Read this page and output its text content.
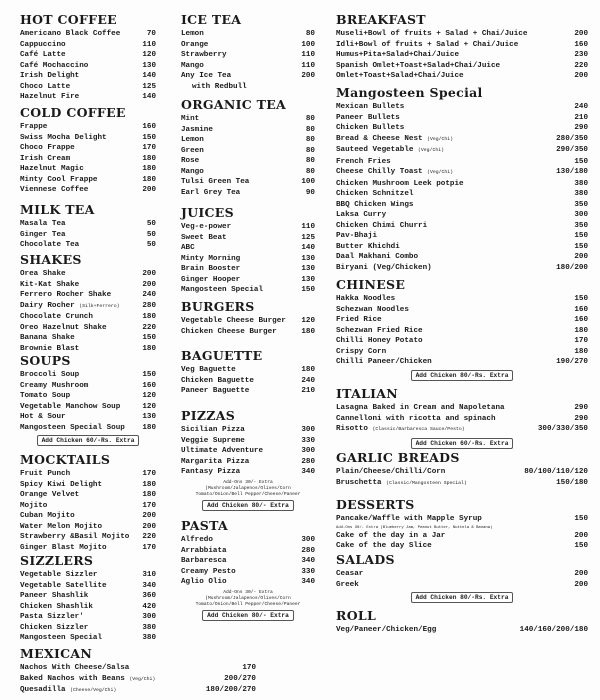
HOT COFFEE
Americano Black Coffee	70
Cappuccino	110
Café Latte	120
Café Mochaccino	130
Irish Delight	140
Choco Latte	125
Hazelnut Fire	140
COLD COFFEE
Frappe	160
Swiss Mocha Delight	150
Choco Frappe	170
Irish Cream	180
Hazelnut Magic	180
Minty Cool Frappe	180
Viennese Coffee	200
MILK TEA
Masala Tea	50
Ginger Tea	50
Chocolate Tea	50
SHAKES
Orea Shake	200
Kit-Kat Shake	200
Ferrero Rocher Shake	240
Dairy Rocher (Silk+Ferrero)	280
Chocolate Crunch	180
Oreo Hazelnut Shake	220
Banana Shake	150
Brownie Blast	180
SOUPS
Broccoli Soup	150
Creamy Mushroom	160
Tomato Soup	120
Vegetable Manchow Soup	120
Hot & Sour	130
Mangosteen Special Soup	180
Add Chicken 60/-Rs. Extra
MOCKTAILS
Fruit Punch	170
Spicy Kiwi Delight	180
Orange Velvet	180
Mojito	170
Cuban Mojito	200
Water Melon Mojito	200
Strawberry &Basil Mojito	220
Ginger Blast Mojito	170
SIZZLERS
Vegetable Sizzler	310
Vegetable Satellite	340
Paneer Shashlik	360
Chicken Shashlik	420
Pasta Sizzler'	300
Chicken Sizzler	380
Mangosteen Special	380
MEXICAN
Nachos With Cheese/Salsa	170
Baked Nachos with Beans (Veg/Chi)	200/270
Quesadilla (Cheese/Veg/Chi)	180/200/270
ICE TEA
Lemon	80
Orange	100
Strawberry	110
Mango	110
Any Ice Tea	200
with Redbull
ORGANIC TEA
Mint	80
Jasmine	80
Lemon	80
Green	80
Rose	80
Mango	80
Tulsi Green Tea	100
Earl Grey Tea	90
JUICES
Veg-e-power	110
Sweet Beat	125
ABC	140
Minty Morning	130
Brain Booster	130
Ginger Hooper	130
Mangosteen Special	150
BURGERS
Vegetable Cheese Burger	120
Chicken Cheese Burger	180
BAGUETTE
Veg Baguette	180
Chicken Baguette	240
Paneer Baguette	210
PIZZAS
Sicilian Pizza	300
Veggie Supreme	330
Ultimate Adventure	300
Margarita Pizza	280
Fantasy Pizza	340
Add-Ons 30/- Extra
(Mushroom/Jalapenos/Olives/Corn
Tomato/Onion/Bell Pepper/Cheese/Paneer
Add Chicken 80/- Extra
PASTA
Alfredo	300
Arrabbiata	280
Barbaresca	340
Creamy Pesto	330
Aglio Olio	340
Add-Ons 30/- Extra
(Mushroom/Jalapenos/Olives/Corn
Tomato/Onion/Bell Pepper/Cheese/Paneer
Add Chicken 80/- Extra
BREAKFAST
Museli+Bowl of fruits + Salad + Chai/Juice	200
Idli+Bowl of fruits + Salad + Chai/Juice	160
Humus+Pita+Salad+Chai/Juice	230
Spanish Omlet+Toast+Salad+Chai/Juice	220
Omlet+Toast+Salad+Chai/Juice	200
Mangosteen Special
Mexican Bullets	240
Paneer Bullets	210
Chicken Bullets	290
Bread & Cheese Nest (Veg/Chi)	280/350
Sauteed Vegetable (Veg/Chi)	290/350
French Fries	150
Cheese Chilly Toast (Veg/Chi)	130/180
Chicken Mushroom Leek potpie	380
Chicken Schnitzel	380
BBQ Chicken Wings	350
Laksa Curry	300
Chicken Chimi Churri	350
Pav-Bhaji	150
Butter Khichdi	150
Daal Makhani Combo	200
Biryani (Veg/Chicken)	180/200
CHINESE
Hakka Noodles	150
Schezwan Noodles	160
Fried Rice	160
Schezwan Fried Rice	180
Chilli Honey Potato	170
Crispy Corn	180
Chilli Paneer/Chicken	190/270
Add Chicken 80/-Rs. Extra
ITALIAN
Lasagna Baked in Cream and Napoletana	290
Cannelloni with ricotta and spinach	290
Risotto (Classic/Barbaresca Sauce/Pesto)	300/330/350
Add Chicken 60/-Rs. Extra
GARLIC BREADS
Plain/Cheese/Chilli/Corn	80/100/110/120
Bruschetta (Classic/Mangosteen Special)	150/180
DESSERTS
Pancake/Waffle with Mapple Syrup	150
Add-Ons 30/- Extra (Blueberry Jam, Peanut Butter, Nuttela & Banana)
Cake of the day in a Jar	200
Cake of the day Slice	150
SALADS
Ceasar	200
Greek	200
Add Chicken 80/-Rs. Extra
ROLL
Veg/Paneer/Chicken/Egg	140/160/200/180
